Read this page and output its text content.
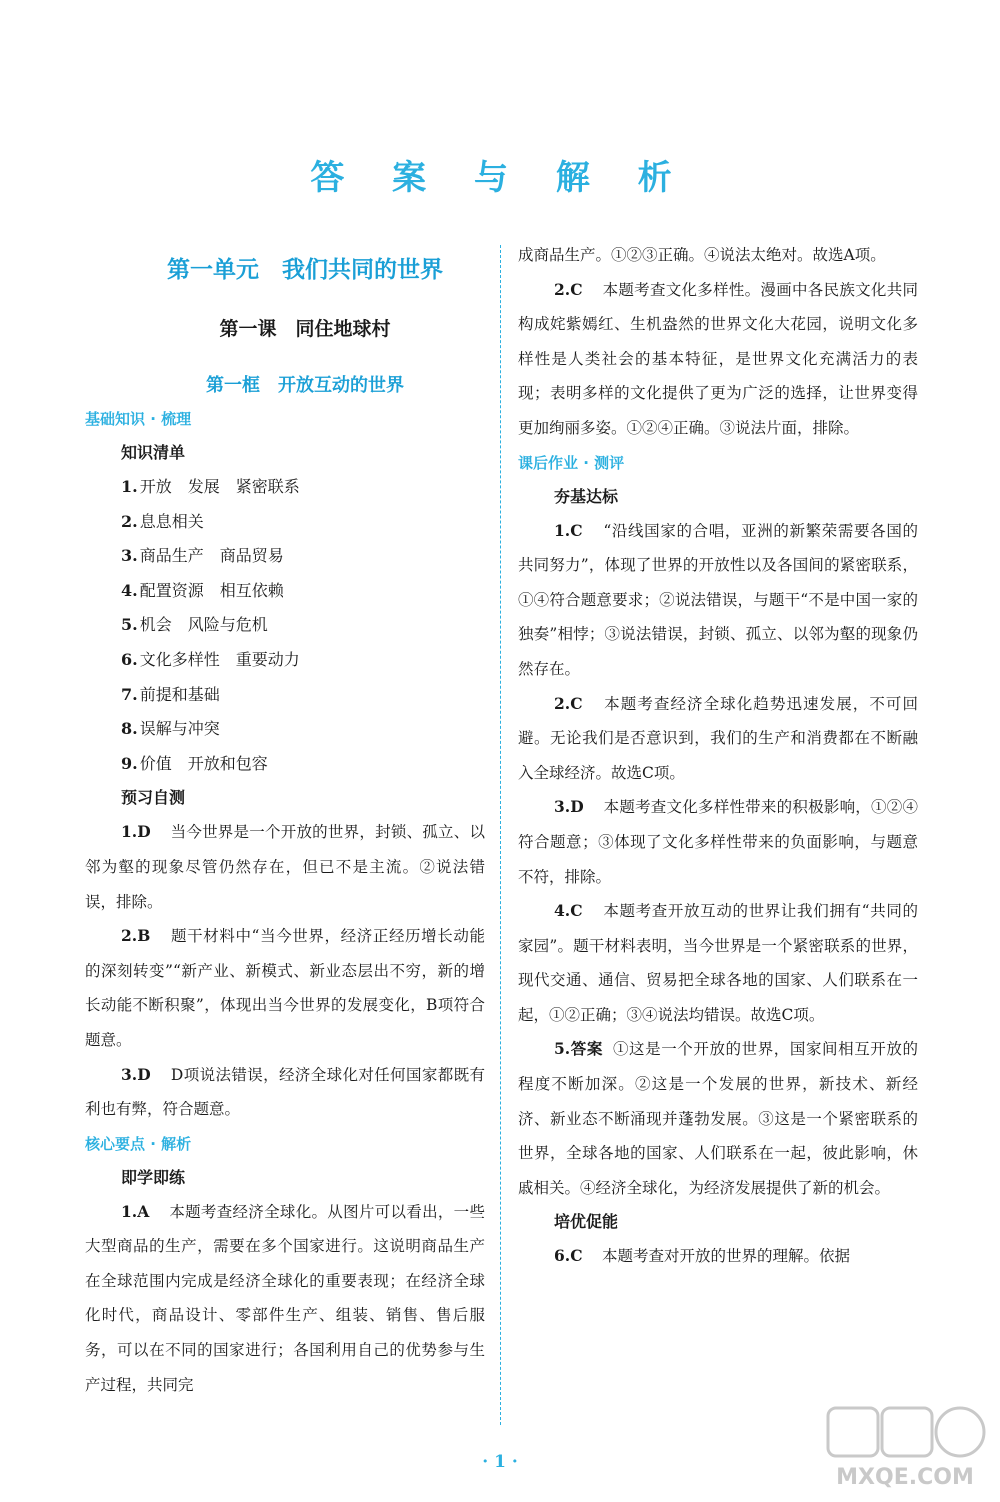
答 案 与 解 析
第一单元　我们共同的世界
第一课　同住地球村
第一框　开放互动的世界
基础知识 · 梳理
知识清单
1. 开放　发展　紧密联系
2. 息息相关
3. 商品生产　商品贸易
4. 配置资源　相互依赖
5. 机会　风险与危机
6. 文化多样性　重要动力
7. 前提和基础
8. 误解与冲突
9. 价值　开放和包容
预习自测
1.D　当今世界是一个开放的世界，封锁、孤立、以邻为壑的现象尽管仍然存在，但已不是主流。②说法错误，排除。
2.B　题干材料中“当今世界，经济正经历增长动能的深刻转变”“新产业、新模式、新业态层出不穷，新的增长动能不断积聚”，体现出当今世界的发展变化，B项符合题意。
3.D　D项说法错误，经济全球化对任何国家都既有利也有弊，符合题意。
核心要点 · 解析
即学即练
1.A　本题考查经济全球化。从图片可以看出，一些大型商品的生产，需要在多个国家进行。这说明商品生产在全球范围内完成是经济全球化的重要表现；在经济全球化时代，商品设计、零部件生产、组装、销售、售后服务，可以在不同的国家进行；各国利用自己的优势参与生产过程，共同完
成商品生产。①②③正确。④说法太绝对。故选A项。
2.C　本题考查文化多样性。漫画中各民族文化共同构成姹紫嫣红、生机盎然的世界文化大花园，说明文化多样性是人类社会的基本特征，是世界文化充满活力的表现；表明多样的文化提供了更为广泛的选择，让世界变得更加绚丽多姿。①②④正确。③说法片面，排除。
课后作业 · 测评
夯基达标
1.C　“沿线国家的合唱，亚洲的新繁荣需要各国的共同努力”，体现了世界的开放性以及各国间的紧密联系，①④符合题意要求；②说法错误，与题干“不是中国一家的独奏”相悖；③说法错误，封锁、孤立、以邻为壑的现象仍然存在。
2.C　本题考查经济全球化趋势迅速发展，不可回避。无论我们是否意识到，我们的生产和消费都在不断融入全球经济。故选C项。
3.D　本题考查文化多样性带来的积极影响，①②④符合题意；③体现了文化多样性带来的负面影响，与题意不符，排除。
4.C　本题考查开放互动的世界让我们拥有“共同的家园”。题干材料表明，当今世界是一个紧密联系的世界，现代交通、通信、贸易把全球各地的国家、人们联系在一起，①②正确；③④说法均错误。故选C项。
5.答案 ①这是一个开放的世界，国家间相互开放的程度不断加深。②这是一个发展的世界，新技术、新经济、新业态不断涌现并蓬勃发展。③这是一个紧密联系的世界，全球各地的国家、人们联系在一起，彼此影响，休戚相关。④经济全球化，为经济发展提供了新的机会。
培优促能
6.C　本题考查对开放的世界的理解。依据
· 1 ·
MXQE.COM
